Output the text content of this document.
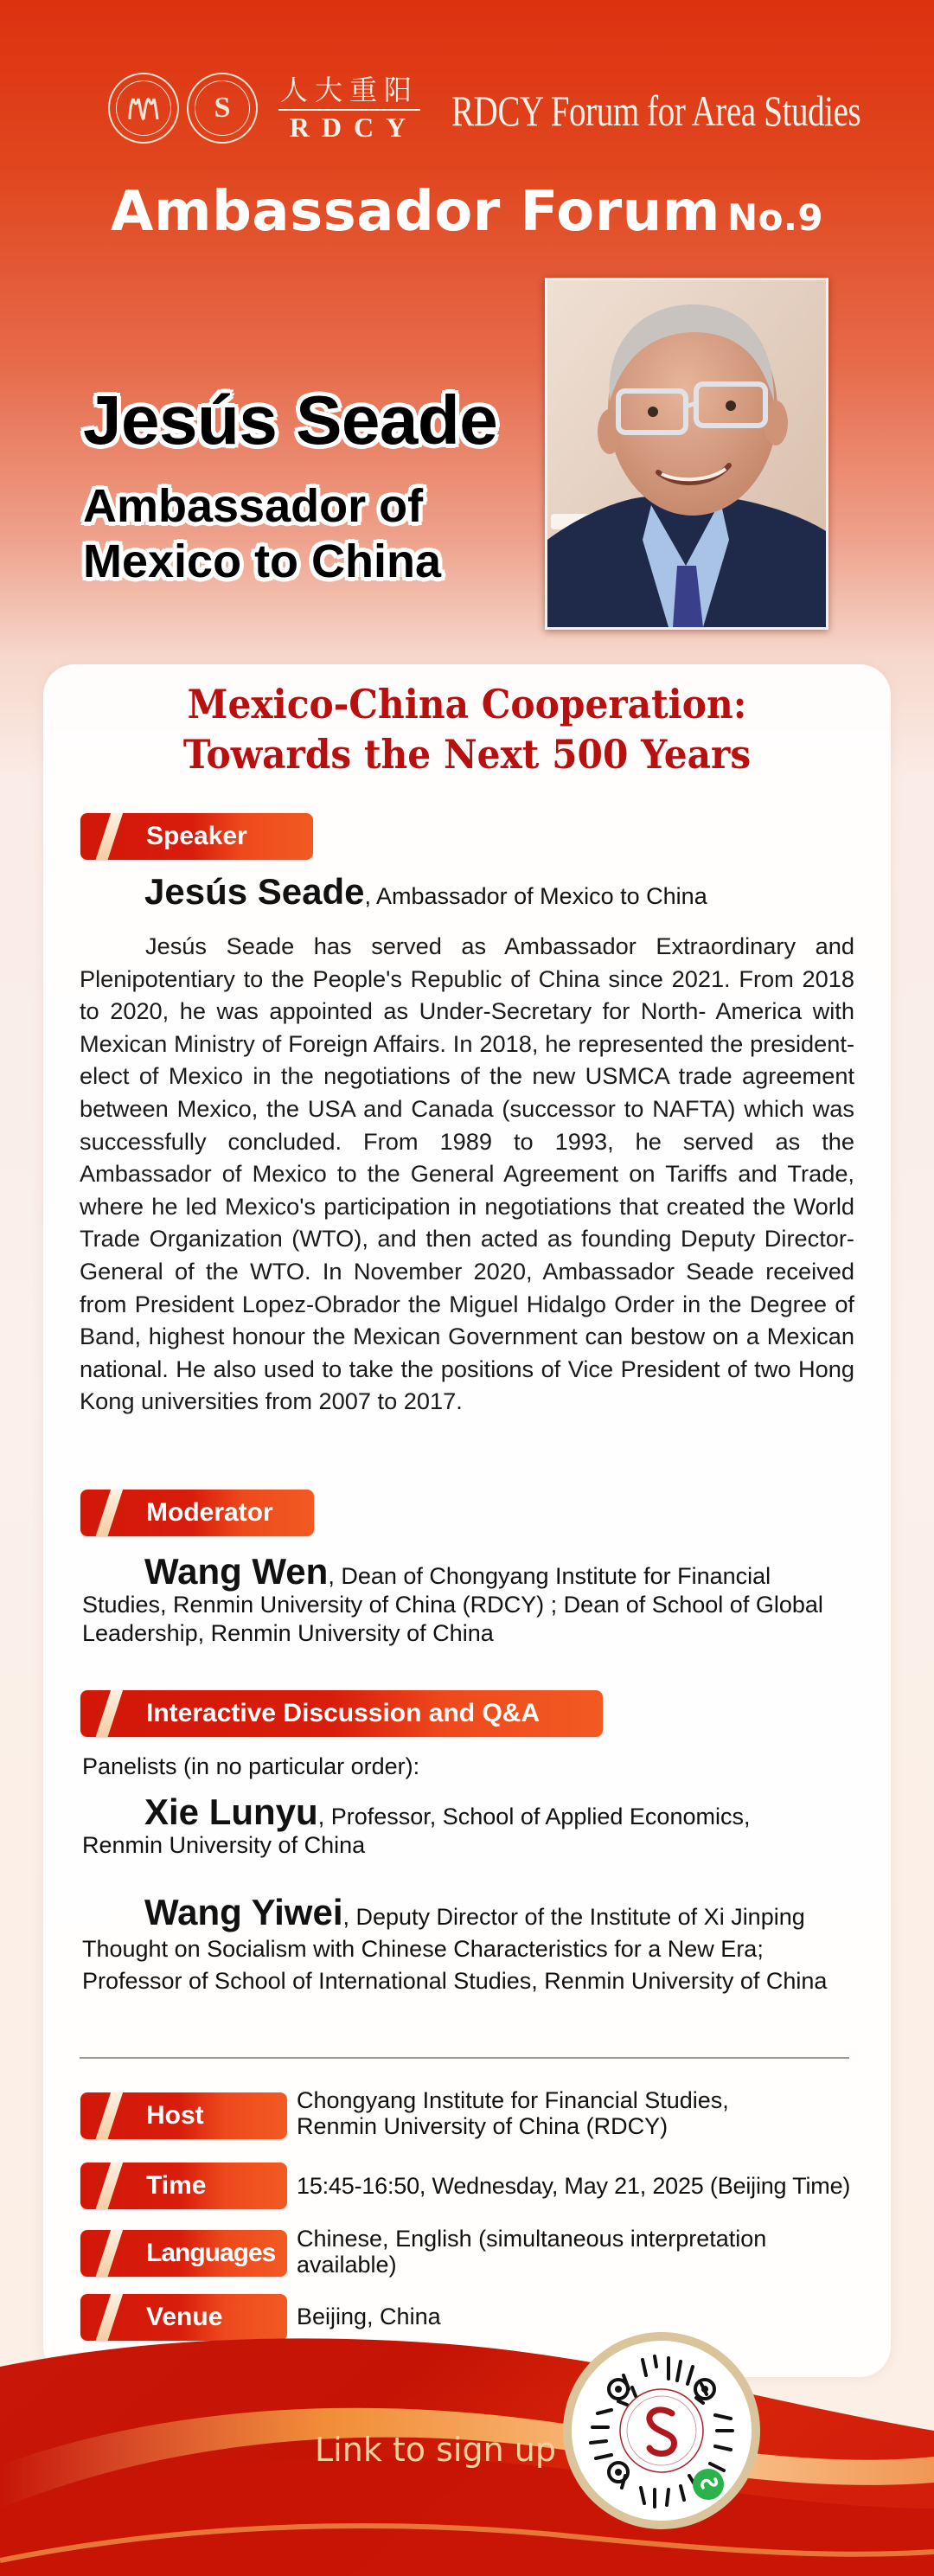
S
人大重阳
RDCY RDCY Forum for Area Studies
Ambassador Forum No.9
Jesús Seade
Ambassador of
Mexico to China
Mexico-China Cooperation:
Towards the Next 500 Years
Speaker
Jesús Seade, Ambassador of Mexico to China
Jesús Seade has served as Ambassador Extraordinary and Plenipotentiary to the People's Republic of China since 2021. From 2018 to 2020, he was appointed as Under-Secretary for North- America with Mexican Ministry of Foreign Affairs. In 2018, he represented the president-elect of Mexico in the negotiations of the new USMCA trade agreement between Mexico, the USA and Canada (successor to NAFTA) which was successfully concluded. From 1989 to 1993, he served as the Ambassador of Mexico to the General Agreement on Tariffs and Trade, where he led Mexico's participation in negotiations that created the World Trade Organization (WTO), and then acted as founding Deputy Director-General of the WTO. In November 2020, Ambassador Seade received from President Lopez-Obrador the Miguel Hidalgo Order in the Degree of Band, highest honour the Mexican Government can bestow on a Mexican national. He also used to take the positions of Vice President of two Hong Kong universities from 2007 to 2017.
Moderator
Wang Wen, Dean of Chongyang Institute for Financial Studies, Renmin University of China (RDCY) ; Dean of School of Global Leadership, Renmin University of China
Interactive Discussion and Q&A
Panelists (in no particular order):
Xie Lunyu, Professor, School of Applied Economics, Renmin University of China
Wang Yiwei, Deputy Director of the Institute of Xi Jinping Thought on Socialism with Chinese Characteristics for a New Era; Professor of School of International Studies, Renmin University of China
Host
Chongyang Institute for Financial Studies, Renmin University of China (RDCY)
Time	15:45-16:50, Wednesday, May 21, 2025 (Beijing Time)
Languages Chinese, English (simultaneous interpretation available)
Venue	Beijing, China
Link to sign up
